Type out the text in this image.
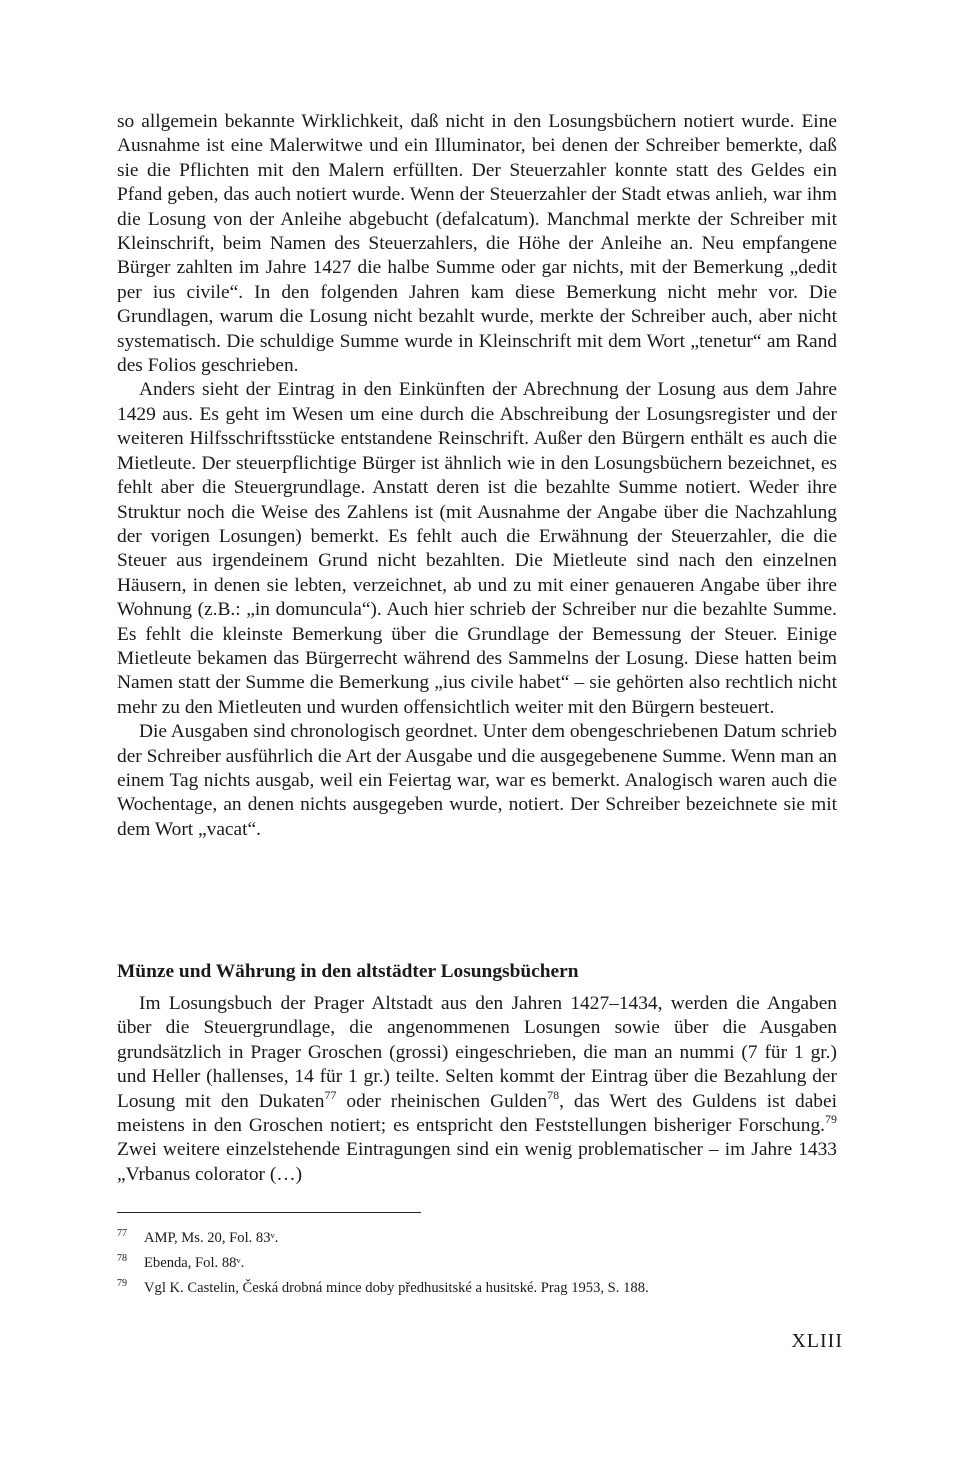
so allgemein bekannte Wirklichkeit, daß nicht in den Losungsbüchern notiert wurde. Eine Ausnahme ist eine Malerwitwe und ein Illuminator, bei denen der Schreiber bemerkte, daß sie die Pflichten mit den Malern erfüllten. Der Steuerzahler konnte statt des Geldes ein Pfand geben, das auch notiert wurde. Wenn der Steuerzahler der Stadt etwas anlieh, war ihm die Losung von der Anleihe abgebucht (defalcatum). Manchmal merkte der Schreiber mit Kleinschrift, beim Namen des Steuerzahlers, die Höhe der Anleihe an. Neu empfangene Bürger zahlten im Jahre 1427 die halbe Summe oder gar nichts, mit der Bemerkung „dedit per ius civile“. In den folgenden Jahren kam diese Bemerkung nicht mehr vor. Die Grundlagen, warum die Losung nicht bezahlt wurde, merkte der Schreiber auch, aber nicht systematisch. Die schuldige Summe wurde in Kleinschrift mit dem Wort „tenetur“ am Rand des Folios geschrieben.

Anders sieht der Eintrag in den Einkünften der Abrechnung der Losung aus dem Jahre 1429 aus. Es geht im Wesen um eine durch die Abschreibung der Losungsregister und der weiteren Hilfsschriftsstücke entstandene Reinschrift. Außer den Bürgern enthält es auch die Mietleute. Der steuerpflichtige Bürger ist ähnlich wie in den Losungsbüchern bezeichnet, es fehlt aber die Steuergrundlage. Anstatt deren ist die bezahlte Summe notiert. Weder ihre Struktur noch die Weise des Zahlens ist (mit Ausnahme der Angabe über die Nachzahlung der vorigen Losungen) bemerkt. Es fehlt auch die Erwähnung der Steuerzahler, die die Steuer aus irgendeinem Grund nicht bezahlten. Die Mietleute sind nach den einzelnen Häusern, in denen sie lebten, verzeichnet, ab und zu mit einer genaueren Angabe über ihre Wohnung (z.B.: „in domuncula“). Auch hier schrieb der Schreiber nur die bezahlte Summe. Es fehlt die kleinste Bemerkung über die Grundlage der Bemessung der Steuer. Einige Mietleute bekamen das Bürgerrecht während des Sammelns der Losung. Diese hatten beim Namen statt der Summe die Bemerkung „ius civile habet“ – sie gehörten also rechtlich nicht mehr zu den Mietleuten und wurden offensichtlich weiter mit den Bürgern besteuert.

Die Ausgaben sind chronologisch geordnet. Unter dem obengeschriebenen Datum schrieb der Schreiber ausführlich die Art der Ausgabe und die ausgegebenene Summe. Wenn man an einem Tag nichts ausgab, weil ein Feiertag war, war es bemerkt. Analogisch waren auch die Wochentage, an denen nichts ausgegeben wurde, notiert. Der Schreiber bezeichnete sie mit dem Wort „vacat“.

Münze und Währung in den altstädter Losungsbüchern

Im Losungsbuch der Prager Altstadt aus den Jahren 1427–1434, werden die Angaben über die Steuergrundlage, die angenommenen Losungen sowie über die Ausgaben grundsätzlich in Prager Groschen (grossi) eingeschrieben, die man an nummi (7 für 1 gr.) und Heller (hallenses, 14 für 1 gr.) teilte. Selten kommt der Eintrag über die Bezahlung der Losung mit den Dukaten$^{77}$ oder rheinischen Gulden$^{78}$, das Wert des Guldens ist dabei meistens in den Groschen notiert; es entspricht den Feststellungen bisheriger Forschung.$^{79}$ Zwei weitere einzelstehende Eintragungen sind ein wenig problematischer – im Jahre 1433 „Vrbanus colorator (…)

77	AMP, Ms. 20, Fol. 83ᵛ.
78	Ebenda, Fol. 88ᵛ.
79	Vgl K. Castelin, Česká drobná mince doby předhusitské a husitské. Prag 1953, S. 188.
XLIII
